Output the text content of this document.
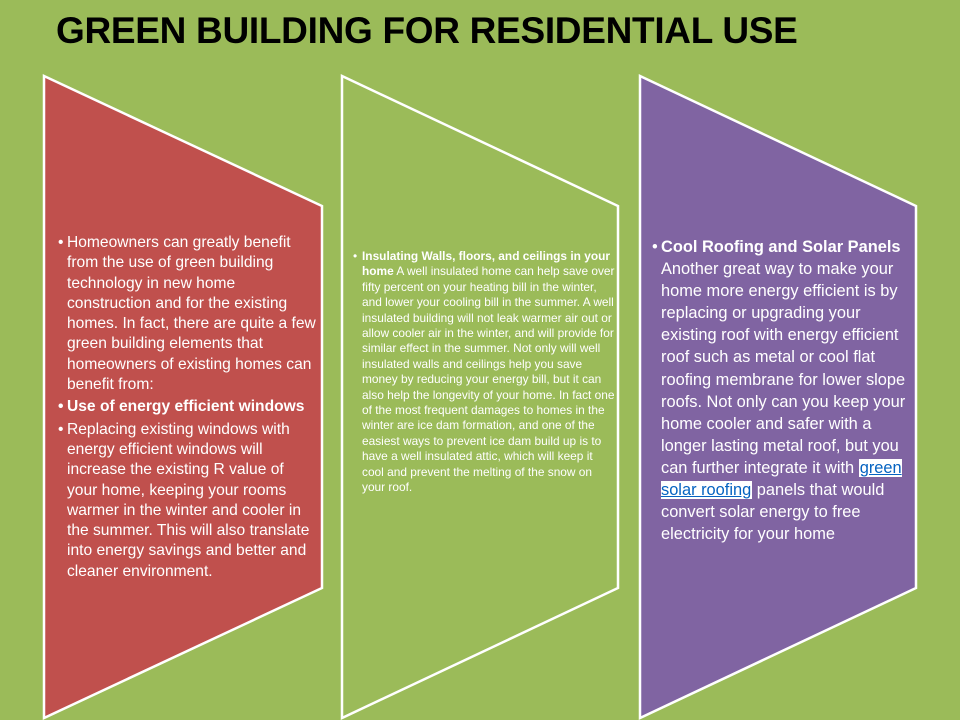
GREEN BUILDING FOR RESIDENTIAL USE
• Homeowners can greatly benefit from the use of green building technology in new home construction and for the existing homes. In fact, there are quite a few green building elements that homeowners of existing homes can benefit from:
• Use of energy efficient windows
• Replacing existing windows with energy efficient windows will increase the existing R value of your home, keeping your rooms warmer in the winter and cooler in the summer. This will also translate into energy savings and better and cleaner environment.
• Insulating Walls, floors, and ceilings in your home A well insulated home can help save over fifty percent on your heating bill in the winter, and lower your cooling bill in the summer. A well insulated building will not leak warmer air out or allow cooler air in the winter, and will provide for similar effect in the summer. Not only will well insulated walls and ceilings help you save money by reducing your energy bill, but it can also help the longevity of your home. In fact one of the most frequent damages to homes in the winter are ice dam formation, and one of the easiest ways to prevent ice dam build up is to have a well insulated attic, which will keep it cool and prevent the melting of the snow on your roof.
• Cool Roofing and Solar Panels Another great way to make your home more energy efficient is by replacing or upgrading your existing roof with energy efficient roof such as metal or cool flat roofing membrane for lower slope roofs. Not only can you keep your home cooler and safer with a longer lasting metal roof, but you can further integrate it with green solar roofing panels that would convert solar energy to free electricity for your home
